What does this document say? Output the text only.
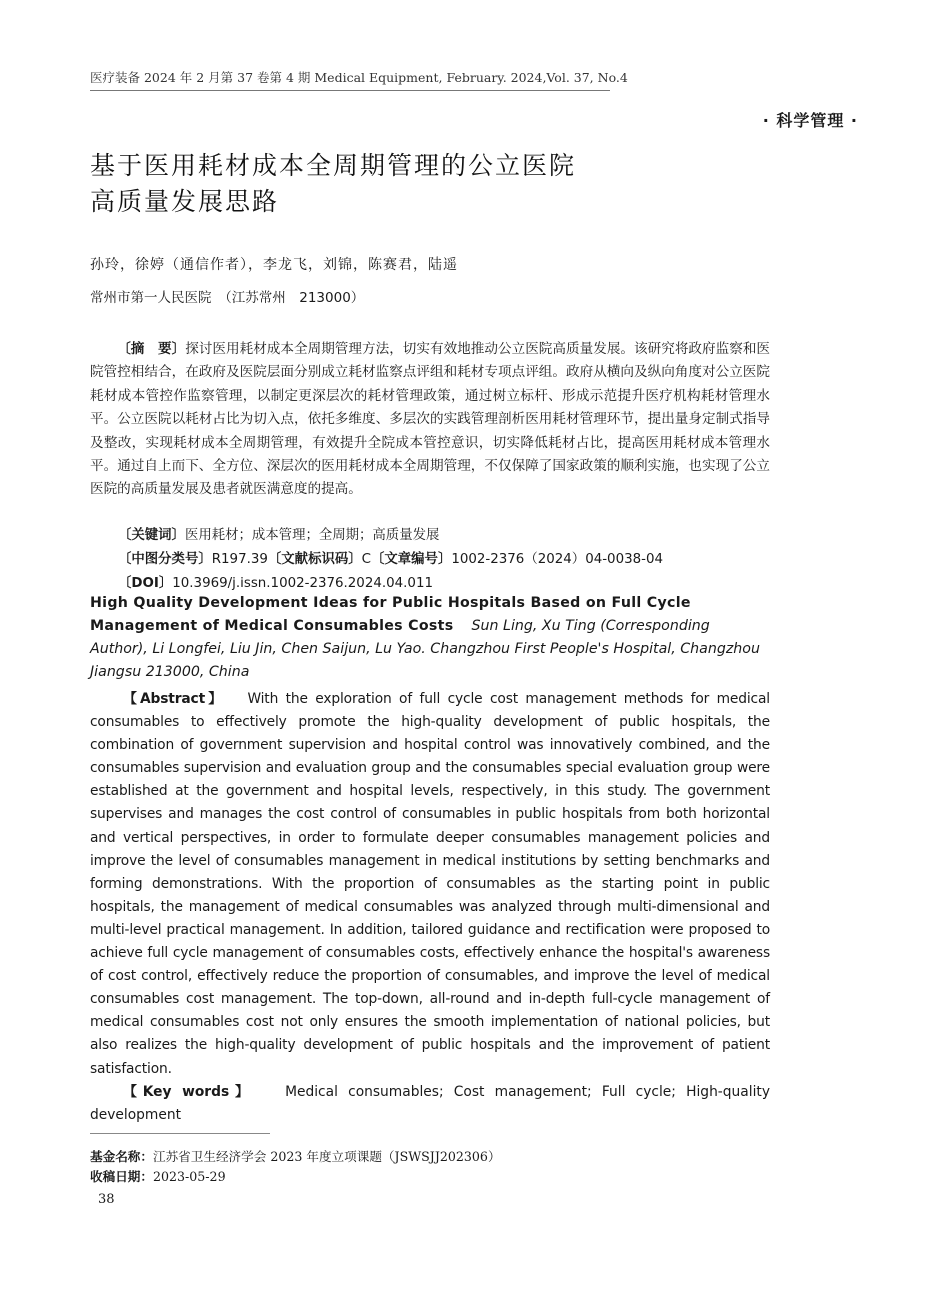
医疗装备 2024 年 2 月第 37 卷第 4 期 Medical Equipment, February. 2024,Vol. 37, No.4
· 科学管理 ·
基于医用耗材成本全周期管理的公立医院
高质量发展思路
孙玲，徐婷（通信作者），李龙飞，刘锦，陈赛君，陆遥
常州市第一人民医院　（江苏常州　213000）
〔摘　要〕探讨医用耗材成本全周期管理方法，切实有效地推动公立医院高质量发展。该研究将政府监察和医院管控相结合，在政府及医院层面分别成立耗材监察点评组和耗材专项点评组。政府从横向及纵向角度对公立医院耗材成本管控作监察管理，以制定更深层次的耗材管理政策，通过树立标杆、形成示范提升医疗机构耗材管理水平。公立医院以耗材占比为切入点，依托多维度、多层次的实践管理剖析医用耗材管理环节，提出量身定制式指导及整改，实现耗材成本全周期管理，有效提升全院成本管控意识，切实降低耗材占比，提高医用耗材成本管理水平。通过自上而下、全方位、深层次的医用耗材成本全周期管理，不仅保障了国家政策的顺利实施，也实现了公立医院的高质量发展及患者就医满意度的提高。
〔关键词〕医用耗材；成本管理；全周期；高质量发展
〔中图分类号〕R197.39〔文献标识码〕C〔文章编号〕1002-2376（2024）04-0038-04
〔DOI〕10.3969/j.issn.1002-2376.2024.04.011
High Quality Development Ideas for Public Hospitals Based on Full Cycle Management of Medical Consumables Costs Sun Ling, Xu Ting (Corresponding Author), Li Longfei, Liu Jin, Chen Saijun, Lu Yao. Changzhou First People's Hospital, Changzhou Jiangsu 213000, China
【Abstract】 With the exploration of full cycle cost management methods for medical consumables to effectively promote the high-quality development of public hospitals, the combination of government supervision and hospital control was innovatively combined, and the consumables supervision and evaluation group and the consumables special evaluation group were established at the government and hospital levels, respectively, in this study. The government supervises and manages the cost control of consumables in public hospitals from both horizontal and vertical perspectives, in order to formulate deeper consumables management policies and improve the level of consumables management in medical institutions by setting benchmarks and forming demonstrations. With the proportion of consumables as the starting point in public hospitals, the management of medical consumables was analyzed through multi-dimensional and multi-level practical management. In addition, tailored guidance and rectification were proposed to achieve full cycle management of consumables costs, effectively enhance the hospital's awareness of cost control, effectively reduce the proportion of consumables, and improve the level of medical consumables cost management. The top-down, all-round and in-depth full-cycle management of medical consumables cost not only ensures the smooth implementation of national policies, but also realizes the high-quality development of public hospitals and the improvement of patient satisfaction.
【Key words】 Medical consumables; Cost management; Full cycle; High-quality development
基金名称：江苏省卫生经济学会 2023 年度立项课题（JSWSJJ202306）
收稿日期：2023-05-29
38
